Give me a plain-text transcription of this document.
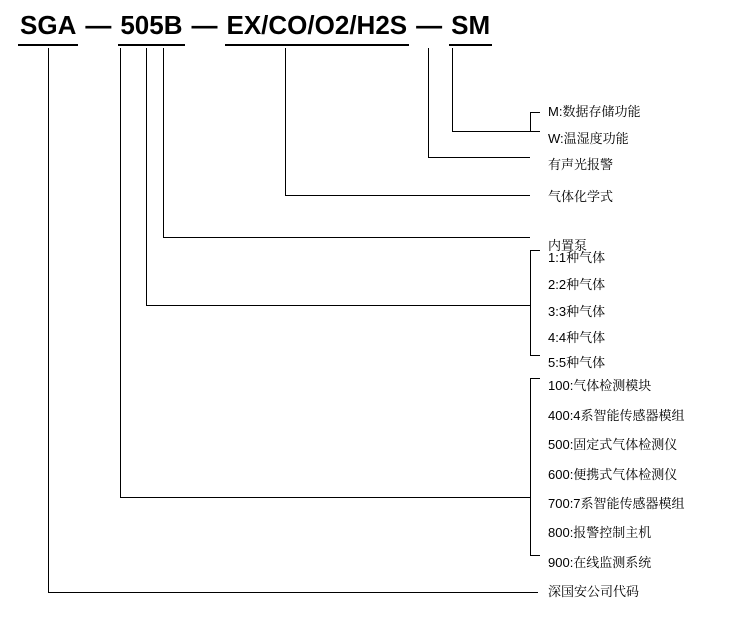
SGA — 505B — EX/CO/O2/H2S — SM
M:数据存储功能
W:温湿度功能
有声光报警
气体化学式
内置泵
1:1种气体
2:2种气体
3:3种气体
4:4种气体
5:5种气体
100:气体检测模块
400:4系智能传感器模组
500:固定式气体检测仪
600:便携式气体检测仪
700:7系智能传感器模组
800:报警控制主机
900:在线监测系统
深国安公司代码
